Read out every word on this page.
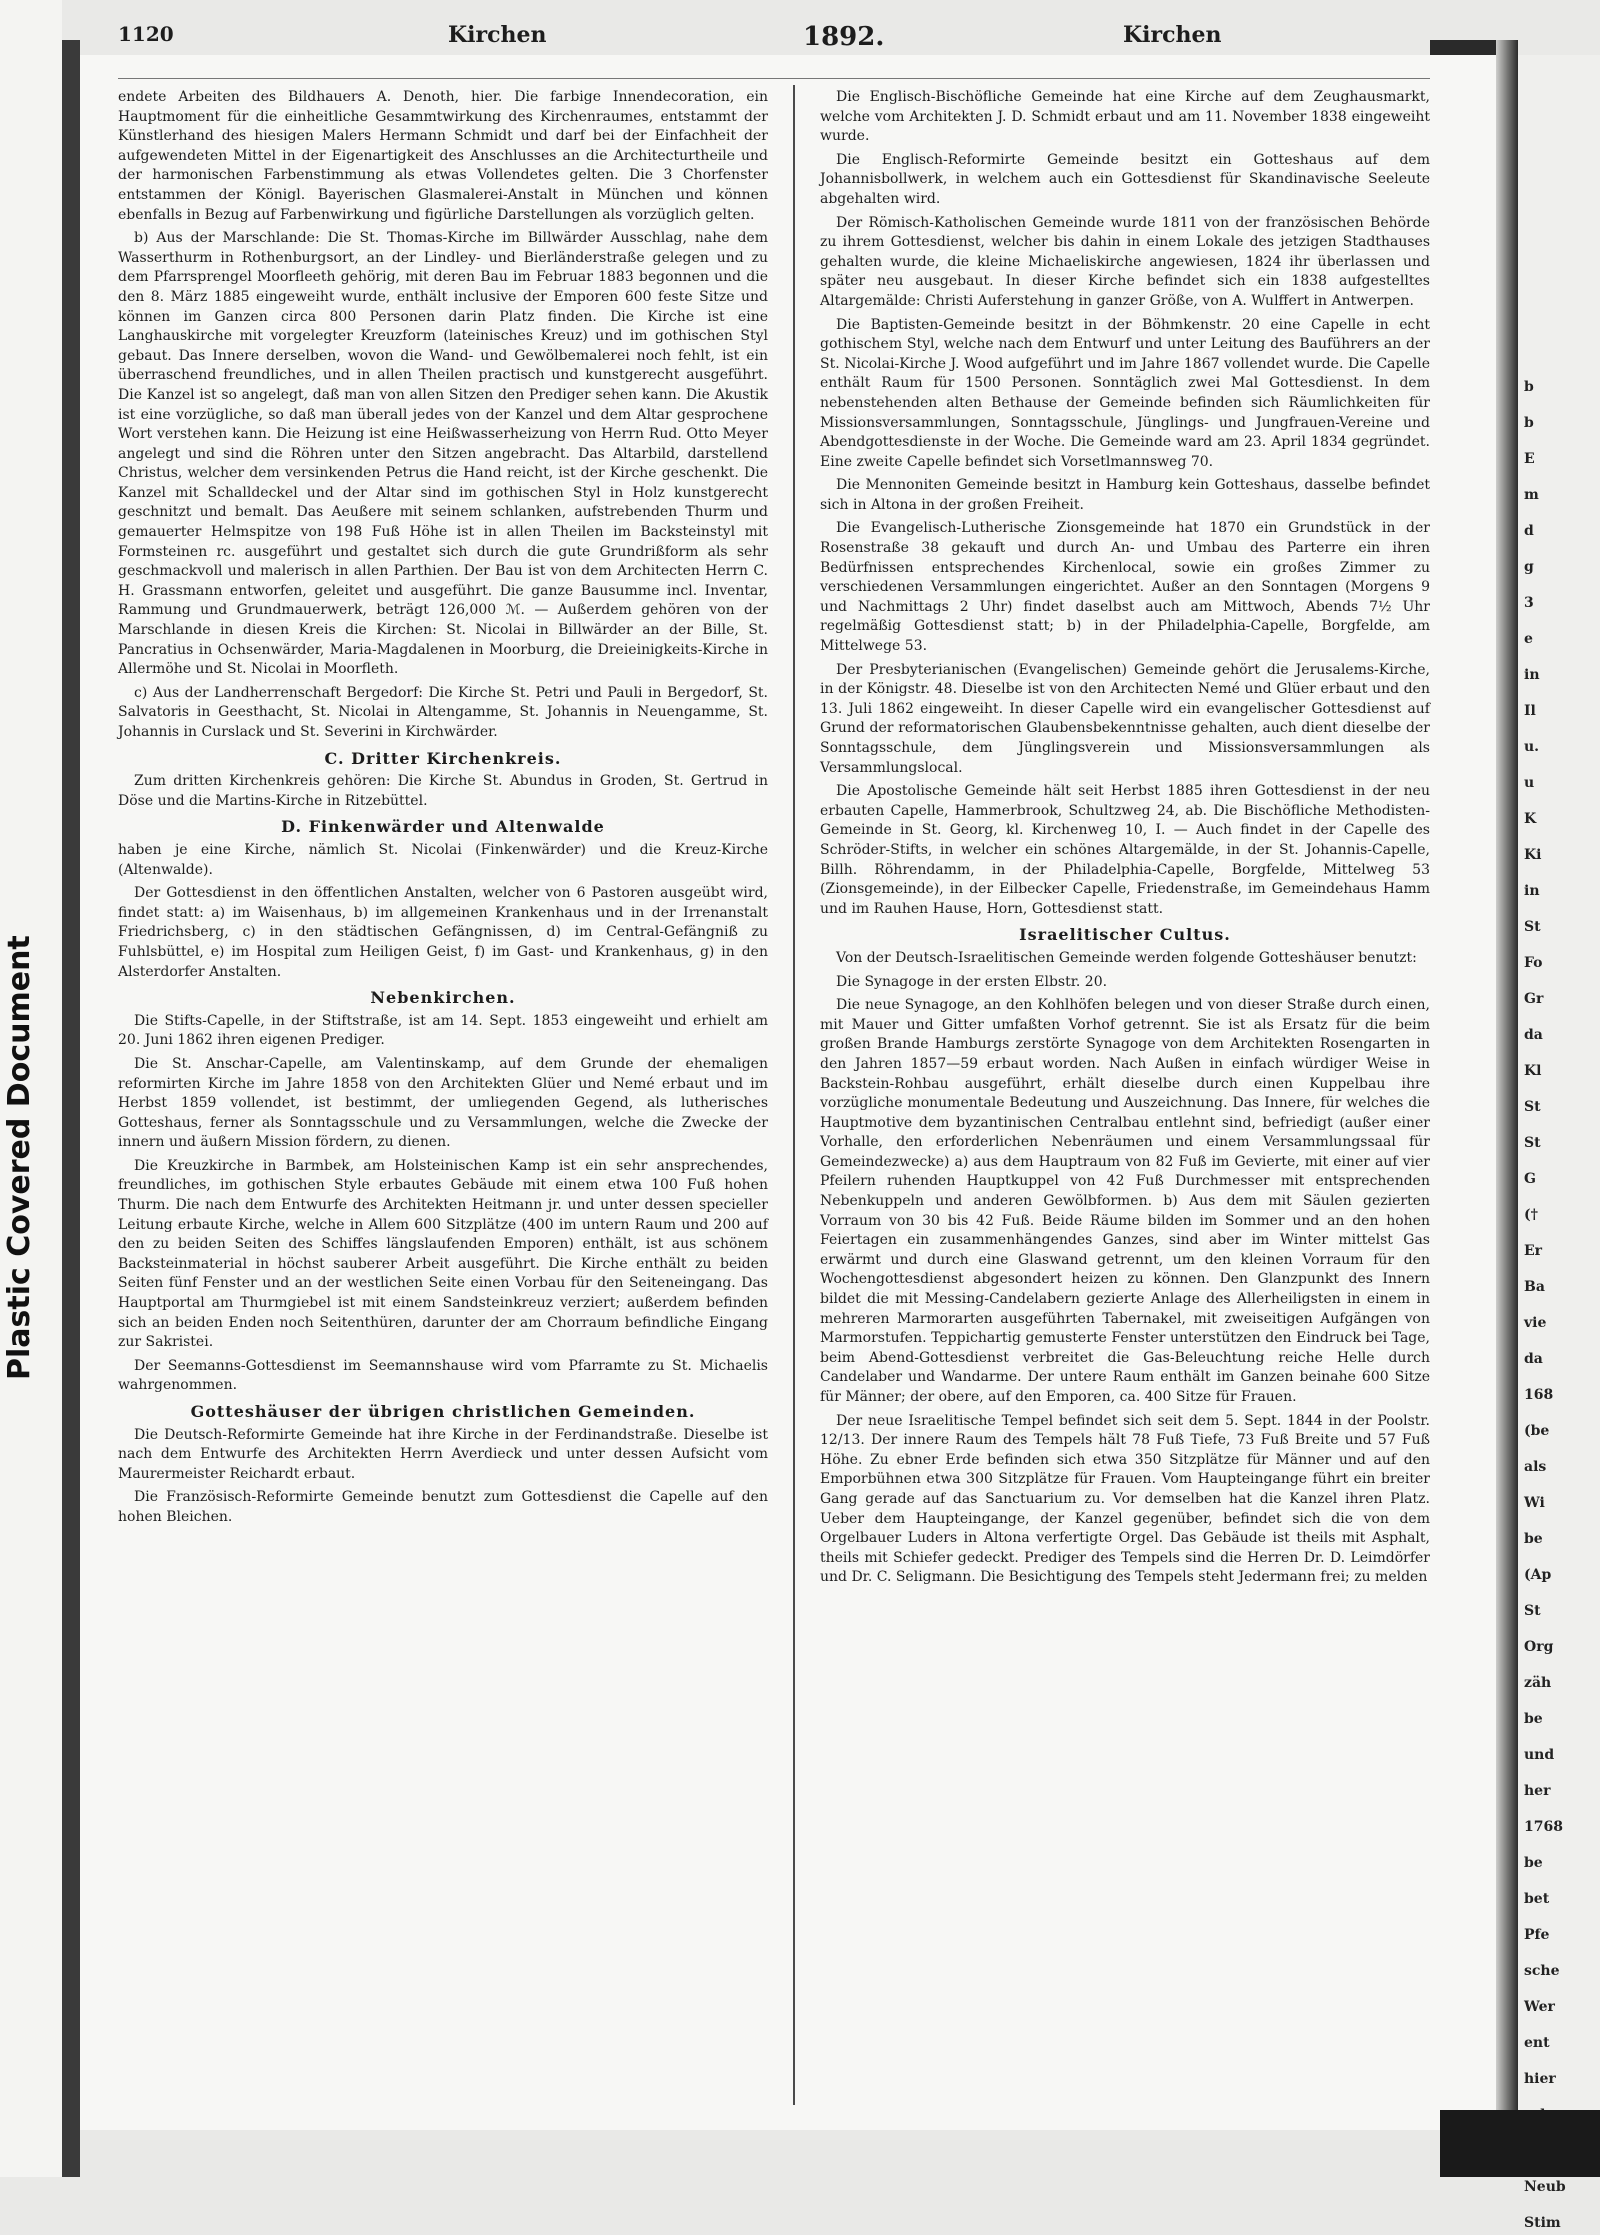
Plastic Covered Document
b
b
E
m
d
g
3
e
in
Il
u.
u
K
Ki
in
St
Fo
Gr
da
Kl
St
St
G
(†
Er
Ba
vie
da
168
(be
als
Wi
be
(Ap
St
Org
zäh
be
und
her
1768
be
bet
Pfe
sche
Wer
ent
hier
Neub
Stim
1120	Kirchen	1892.	Kirchen

endete Arbeiten des Bildhauers A. Denoth, hier. Die farbige Innendecoration, ein Hauptmoment für die einheitliche Gesammtwirkung des Kirchenraumes, entstammt der Künstlerhand des hiesigen Malers Hermann Schmidt und darf bei der Einfachheit der aufgewendeten Mittel in der Eigenartigkeit des Anschlusses an die Architecturtheile und der harmonischen Farbenstimmung als etwas Vollendetes gelten. Die 3 Chorfenster entstammen der Königl. Bayerischen Glasmalerei-Anstalt in München und können ebenfalls in Bezug auf Farbenwirkung und figürliche Darstellungen als vorzüglich gelten.

b) Aus der Marschlande: Die St. Thomas-Kirche im Billwärder Ausschlag, nahe dem Wasserthurm in Rothenburgsort, an der Lindley- und Bierländerstraße gelegen und zu dem Pfarrsprengel Moorfleeth gehörig, mit deren Bau im Februar 1883 begonnen und die den 8. März 1885 eingeweiht wurde, enthält inclusive der Emporen 600 feste Sitze und können im Ganzen circa 800 Personen darin Platz finden. Die Kirche ist eine Langhauskirche mit vorgelegter Kreuzform (lateinisches Kreuz) und im gothischen Styl gebaut. Das Innere derselben, wovon die Wand- und Gewölbemalerei noch fehlt, ist ein überraschend freundliches, und in allen Theilen practisch und kunstgerecht ausgeführt. Die Kanzel ist so angelegt, daß man von allen Sitzen den Prediger sehen kann. Die Akustik ist eine vorzügliche, so daß man überall jedes von der Kanzel und dem Altar gesprochene Wort verstehen kann. Die Heizung ist eine Heißwasserheizung von Herrn Rud. Otto Meyer angelegt und sind die Röhren unter den Sitzen angebracht. Das Altarbild, darstellend Christus, welcher dem versinkenden Petrus die Hand reicht, ist der Kirche geschenkt. Die Kanzel mit Schalldeckel und der Altar sind im gothischen Styl in Holz kunstgerecht geschnitzt und bemalt. Das Aeußere mit seinem schlanken, aufstrebenden Thurm und gemauerter Helmspitze von 198 Fuß Höhe ist in allen Theilen im Backsteinstyl mit Formsteinen rc. ausgeführt und gestaltet sich durch die gute Grundrißform als sehr geschmackvoll und malerisch in allen Parthien. Der Bau ist von dem Architecten Herrn C. H. Grassmann entworfen, geleitet und ausgeführt. Die ganze Bausumme incl. Inventar, Rammung und Grundmauerwerk, beträgt 126,000 ℳ. — Außerdem gehören von der Marschlande in diesen Kreis die Kirchen: St. Nicolai in Billwärder an der Bille, St. Pancratius in Ochsenwärder, Maria-Magdalenen in Moorburg, die Dreieinigkeits-Kirche in Allermöhe und St. Nicolai in Moorfleth.

c) Aus der Landherrenschaft Bergedorf: Die Kirche St. Petri und Pauli in Bergedorf, St. Salvatoris in Geesthacht, St. Nicolai in Altengamme, St. Johannis in Neuengamme, St. Johannis in Curslack und St. Severini in Kirchwärder.

C. Dritter Kirchenkreis.

Zum dritten Kirchenkreis gehören: Die Kirche St. Abundus in Groden, St. Gertrud in Döse und die Martins-Kirche in Ritzebüttel.

D. Finkenwärder und Altenwalde

haben je eine Kirche, nämlich St. Nicolai (Finkenwärder) und die Kreuz-Kirche (Altenwalde).

Der Gottesdienst in den öffentlichen Anstalten, welcher von 6 Pastoren ausgeübt wird, findet statt: a) im Waisenhaus, b) im allgemeinen Krankenhaus und in der Irrenanstalt Friedrichsberg, c) in den städtischen Gefängnissen, d) im Central-Gefängniß zu Fuhlsbüttel, e) im Hospital zum Heiligen Geist, f) im Gast- und Krankenhaus, g) in den Alsterdorfer Anstalten.

Nebenkirchen.

Die Stifts-Capelle, in der Stiftstraße, ist am 14. Sept. 1853 eingeweiht und erhielt am 20. Juni 1862 ihren eigenen Prediger.

Die St. Anschar-Capelle, am Valentinskamp, auf dem Grunde der ehemaligen reformirten Kirche im Jahre 1858 von den Architekten Glüer und Nemé erbaut und im Herbst 1859 vollendet, ist bestimmt, der umliegenden Gegend, als lutherisches Gotteshaus, ferner als Sonntagsschule und zu Versammlungen, welche die Zwecke der innern und äußern Mission fördern, zu dienen.

Die Kreuzkirche in Barmbek, am Holsteinischen Kamp ist ein sehr ansprechendes, freundliches, im gothischen Style erbautes Gebäude mit einem etwa 100 Fuß hohen Thurm. Die nach dem Entwurfe des Architekten Heitmann jr. und unter dessen specieller Leitung erbaute Kirche, welche in Allem 600 Sitzplätze (400 im untern Raum und 200 auf den zu beiden Seiten des Schiffes längslaufenden Emporen) enthält, ist aus schönem Backsteinmaterial in höchst sauberer Arbeit ausgeführt. Die Kirche enthält zu beiden Seiten fünf Fenster und an der westlichen Seite einen Vorbau für den Seiteneingang. Das Hauptportal am Thurmgiebel ist mit einem Sandsteinkreuz verziert; außerdem befinden sich an beiden Enden noch Seitenthüren, darunter der am Chorraum befindliche Eingang zur Sakristei.

Der Seemanns-Gottesdienst im Seemannshause wird vom Pfarramte zu St. Michaelis wahrgenommen.

Gotteshäuser der übrigen christlichen Gemeinden.

Die Deutsch-Reformirte Gemeinde hat ihre Kirche in der Ferdinandstraße. Dieselbe ist nach dem Entwurfe des Architekten Herrn Averdieck und unter dessen Aufsicht vom Maurermeister Reichardt erbaut.

Die Französisch-Reformirte Gemeinde benutzt zum Gottesdienst die Capelle auf den hohen Bleichen.

Die Englisch-Bischöfliche Gemeinde hat eine Kirche auf dem Zeughausmarkt, welche vom Architekten J. D. Schmidt erbaut und am 11. November 1838 eingeweiht wurde.

Die Englisch-Reformirte Gemeinde besitzt ein Gotteshaus auf dem Johannisbollwerk, in welchem auch ein Gottesdienst für Skandinavische Seeleute abgehalten wird.

Der Römisch-Katholischen Gemeinde wurde 1811 von der französischen Behörde zu ihrem Gottesdienst, welcher bis dahin in einem Lokale des jetzigen Stadthauses gehalten wurde, die kleine Michaeliskirche angewiesen, 1824 ihr überlassen und später neu ausgebaut. In dieser Kirche befindet sich ein 1838 aufgestelltes Altargemälde: Christi Auferstehung in ganzer Größe, von A. Wulffert in Antwerpen.

Die Baptisten-Gemeinde besitzt in der Böhmkenstr. 20 eine Capelle in echt gothischem Styl, welche nach dem Entwurf und unter Leitung des Bauführers an der St. Nicolai-Kirche J. Wood aufgeführt und im Jahre 1867 vollendet wurde. Die Capelle enthält Raum für 1500 Personen. Sonntäglich zwei Mal Gottesdienst. In dem nebenstehenden alten Bethause der Gemeinde befinden sich Räumlichkeiten für Missionsversammlungen, Sonntagsschule, Jünglings- und Jungfrauen-Vereine und Abendgottesdienste in der Woche. Die Gemeinde ward am 23. April 1834 gegründet. Eine zweite Capelle befindet sich Vorsetlmannsweg 70.

Die Mennoniten Gemeinde besitzt in Hamburg kein Gotteshaus, dasselbe befindet sich in Altona in der großen Freiheit.

Die Evangelisch-Lutherische Zionsgemeinde hat 1870 ein Grundstück in der Rosenstraße 38 gekauft und durch An- und Umbau des Parterre ein ihren Bedürfnissen entsprechendes Kirchenlocal, sowie ein großes Zimmer zu verschiedenen Versammlungen eingerichtet. Außer an den Sonntagen (Morgens 9 und Nachmittags 2 Uhr) findet daselbst auch am Mittwoch, Abends 7½ Uhr regelmäßig Gottesdienst statt; b) in der Philadelphia-Capelle, Borgfelde, am Mittelwege 53.

Der Presbyterianischen (Evangelischen) Gemeinde gehört die Jerusalems-Kirche, in der Königstr. 48. Dieselbe ist von den Architecten Nemé und Glüer erbaut und den 13. Juli 1862 eingeweiht. In dieser Capelle wird ein evangelischer Gottesdienst auf Grund der reformatorischen Glaubensbekenntnisse gehalten, auch dient dieselbe der Sonntagsschule, dem Jünglingsverein und Missionsversammlungen als Versammlungslocal.

Die Apostolische Gemeinde hält seit Herbst 1885 ihren Gottesdienst in der neu erbauten Capelle, Hammerbrook, Schultzweg 24, ab. Die Bischöfliche Methodisten-Gemeinde in St. Georg, kl. Kirchenweg 10, I. — Auch findet in der Capelle des Schröder-Stifts, in welcher ein schönes Altargemälde, in der St. Johannis-Capelle, Billh. Röhrendamm, in der Philadelphia-Capelle, Borgfelde, Mittelweg 53 (Zionsgemeinde), in der Eilbecker Capelle, Friedenstraße, im Gemeindehaus Hamm und im Rauhen Hause, Horn, Gottesdienst statt.

Israelitischer Cultus.

Von der Deutsch-Israelitischen Gemeinde werden folgende Gotteshäuser benutzt:

Die Synagoge in der ersten Elbstr. 20.

Die neue Synagoge, an den Kohlhöfen belegen und von dieser Straße durch einen, mit Mauer und Gitter umfaßten Vorhof getrennt. Sie ist als Ersatz für die beim großen Brande Hamburgs zerstörte Synagoge von dem Architekten Rosengarten in den Jahren 1857—59 erbaut worden. Nach Außen in einfach würdiger Weise in Backstein-Rohbau ausgeführt, erhält dieselbe durch einen Kuppelbau ihre vorzügliche monumentale Bedeutung und Auszeichnung. Das Innere, für welches die Hauptmotive dem byzantinischen Centralbau entlehnt sind, befriedigt (außer einer Vorhalle, den erforderlichen Nebenräumen und einem Versammlungssaal für Gemeindezwecke) a) aus dem Hauptraum von 82 Fuß im Gevierte, mit einer auf vier Pfeilern ruhenden Hauptkuppel von 42 Fuß Durchmesser mit entsprechenden Nebenkuppeln und anderen Gewölbformen. b) Aus dem mit Säulen gezierten Vorraum von 30 bis 42 Fuß. Beide Räume bilden im Sommer und an den hohen Feiertagen ein zusammenhängendes Ganzes, sind aber im Winter mittelst Gas erwärmt und durch eine Glaswand getrennt, um den kleinen Vorraum für den Wochengottesdienst abgesondert heizen zu können. Den Glanzpunkt des Innern bildet die mit Messing-Candelabern gezierte Anlage des Allerheiligsten in einem in mehreren Marmorarten ausgeführten Tabernakel, mit zweiseitigen Aufgängen von Marmorstufen. Teppichartig gemusterte Fenster unterstützen den Eindruck bei Tage, beim Abend-Gottesdienst verbreitet die Gas-Beleuchtung reiche Helle durch Candelaber und Wandarme. Der untere Raum enthält im Ganzen beinahe 600 Sitze für Männer; der obere, auf den Emporen, ca. 400 Sitze für Frauen.

Der neue Israelitische Tempel befindet sich seit dem 5. Sept. 1844 in der Poolstr. 12/13. Der innere Raum des Tempels hält 78 Fuß Tiefe, 73 Fuß Breite und 57 Fuß Höhe. Zu ebner Erde befinden sich etwa 350 Sitzplätze für Männer und auf den Emporbühnen etwa 300 Sitzplätze für Frauen. Vom Haupteingange führt ein breiter Gang gerade auf das Sanctuarium zu. Vor demselben hat die Kanzel ihren Platz. Ueber dem Haupteingange, der Kanzel gegenüber, befindet sich die von dem Orgelbauer Luders in Altona verfertigte Orgel. Das Gebäude ist theils mit Asphalt, theils mit Schiefer gedeckt. Prediger des Tempels sind die Herren Dr. D. Leimdörfer und Dr. C. Seligmann. Die Besichtigung des Tempels steht Jedermann frei; zu melden
